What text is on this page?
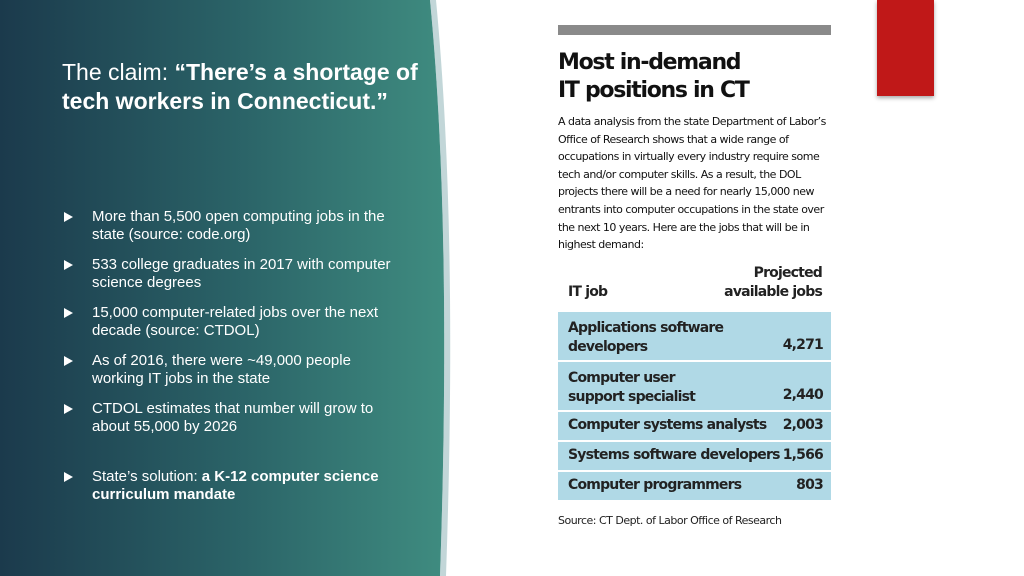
The claim: “There’s a shortage of tech workers in Connecticut.”
More than 5,500 open computing jobs in the state (source: code.org)
533 college graduates in 2017 with computer science degrees
15,000 computer-related jobs over the next decade (source: CTDOL)
As of 2016, there were ~49,000 people working IT jobs in the state
CTDOL estimates that number will grow to about 55,000 by 2026
State’s solution: a K-12 computer science curriculum mandate
Most in-demand
IT positions in CT
A data analysis from the state Department of Labor’s Office of Research shows that a wide range of occupations in virtually every industry require some tech and/or computer skills. As a result, the DOL projects there will be a need for nearly 15,000 new entrants into computer occupations in the state over the next 10 years. Here are the jobs that will be in highest demand:
IT job
Projected
available jobs
Applications software
developers	4,271
Computer user
support specialist	2,440
Computer systems analysts 2,003
Systems software developers 1,566
Computer programmers	803
Source: CT Dept. of Labor Office of Research
